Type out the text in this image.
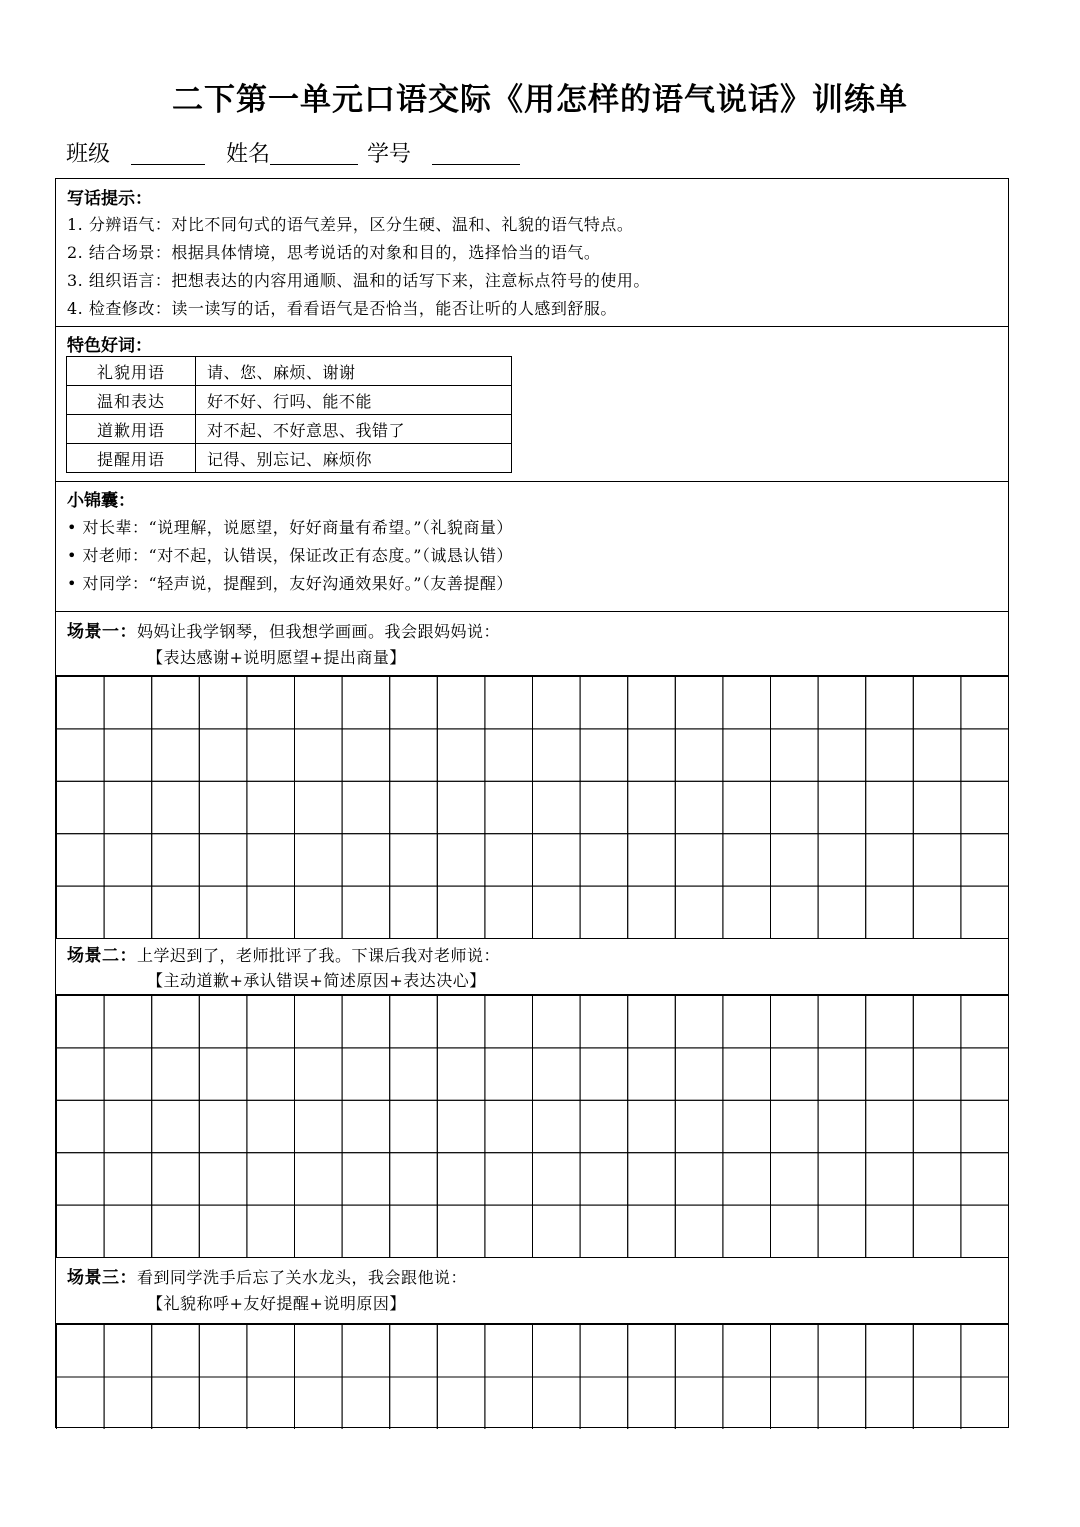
二下第一单元口语交际《用怎样的语气说话》训练单
班级	姓名	学号
写话提示：
1. 分辨语气：对比不同句式的语气差异，区分生硬、温和、礼貌的语气特点。
2. 结合场景：根据具体情境，思考说话的对象和目的，选择恰当的语气。
3. 组织语言：把想表达的内容用通顺、温和的话写下来，注意标点符号的使用。
4. 检查修改：读一读写的话，看看语气是否恰当，能否让听的人感到舒服。
特色好词：
礼貌用语	请、您、麻烦、谢谢
温和表达	好不好、行吗、能不能
道歉用语	对不起、不好意思、我错了
提醒用语	记得、别忘记、麻烦你
小锦囊：
• 对长辈：“说理解，说愿望，好好商量有希望。”（礼貌商量）
• 对老师：“对不起，认错误，保证改正有态度。”（诚恳认错）
• 对同学：“轻声说，提醒到，友好沟通效果好。”（友善提醒）
场景一：妈妈让我学钢琴，但我想学画画。我会跟妈妈说：
【表达感谢+说明愿望+提出商量】
场景二：上学迟到了，老师批评了我。下课后我对老师说：
【主动道歉+承认错误+简述原因+表达决心】
场景三：看到同学洗手后忘了关水龙头，我会跟他说：
【礼貌称呼+友好提醒+说明原因】
